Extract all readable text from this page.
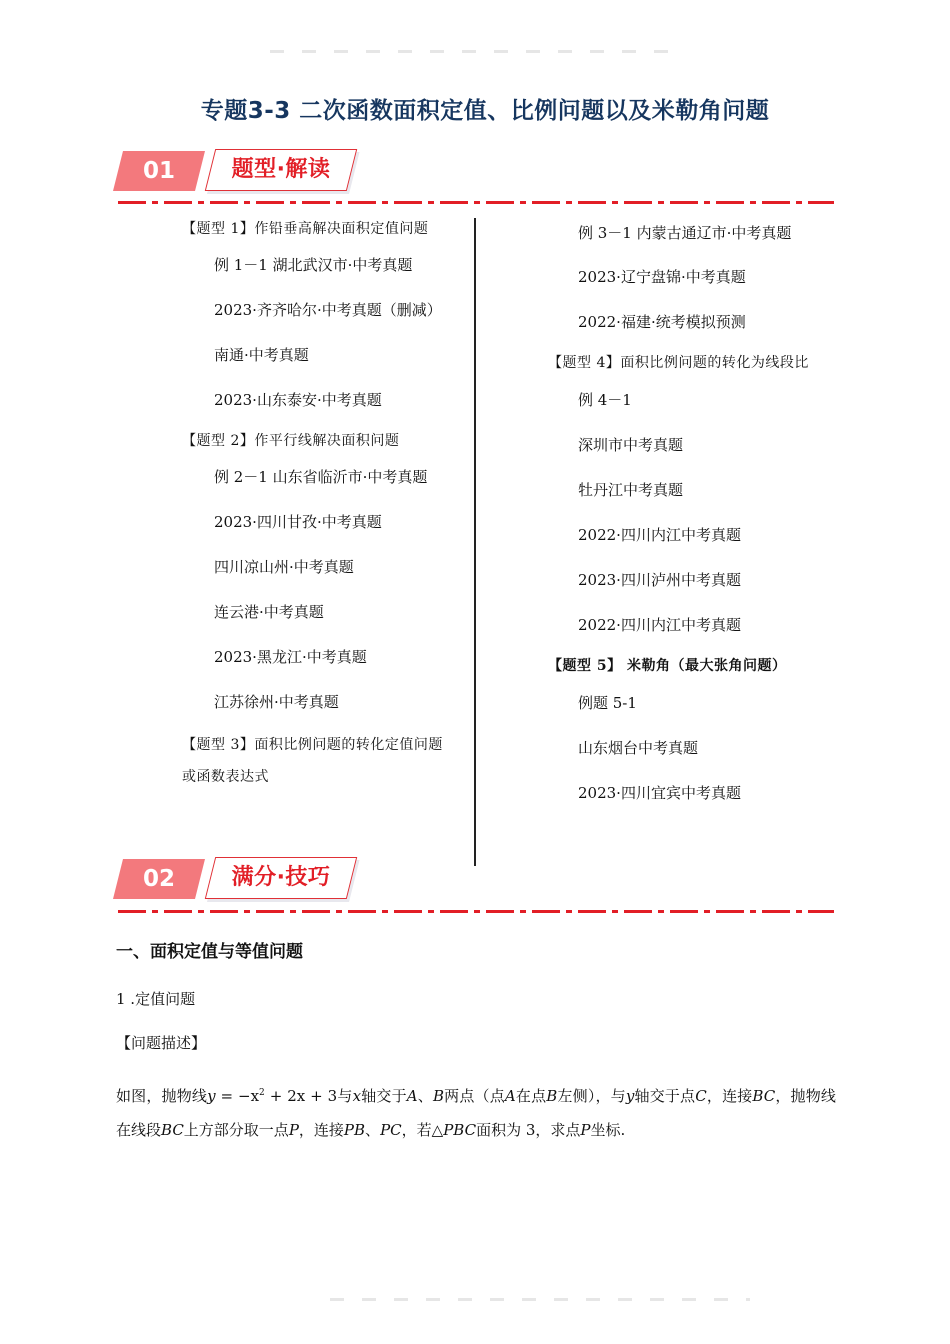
专题3-3 二次函数面积定值、比例问题以及米勒角问题
01	题型·解读
【题型 1】作铅垂高解决面积定值问题
例 1－1 湖北武汉市·中考真题
2023·齐齐哈尔·中考真题（删减）
南通·中考真题
2023·山东泰安·中考真题
【题型 2】作平行线解决面积问题
例 2－1 山东省临沂市·中考真题
2023·四川甘孜·中考真题
四川凉山州·中考真题
连云港·中考真题
2023·黑龙江·中考真题
江苏徐州·中考真题
【题型 3】面积比例问题的转化定值问题
或函数表达式
例 3－1 内蒙古通辽市·中考真题
2023·辽宁盘锦·中考真题
2022·福建·统考模拟预测
【题型 4】面积比例问题的转化为线段比
例 4－1
深圳市中考真题
牡丹江中考真题
2022·四川内江中考真题
2023·四川泸州中考真题
2022·四川内江中考真题
【题型 5】 米勒角（最大张角问题）
例题 5-1
山东烟台中考真题
2023·四川宜宾中考真题
02	满分·技巧
一、面积定值与等值问题
1 .定值问题
【问题描述】
如图，抛物线$y = -x^2 + 2x + 3$与x轴交于A、B两点（点A在点B左侧），与y轴交于点C，连接BC，抛物线在线段BC上方部分取一点P，连接PB、PC，若△PBC面积为 3，求点P坐标.
